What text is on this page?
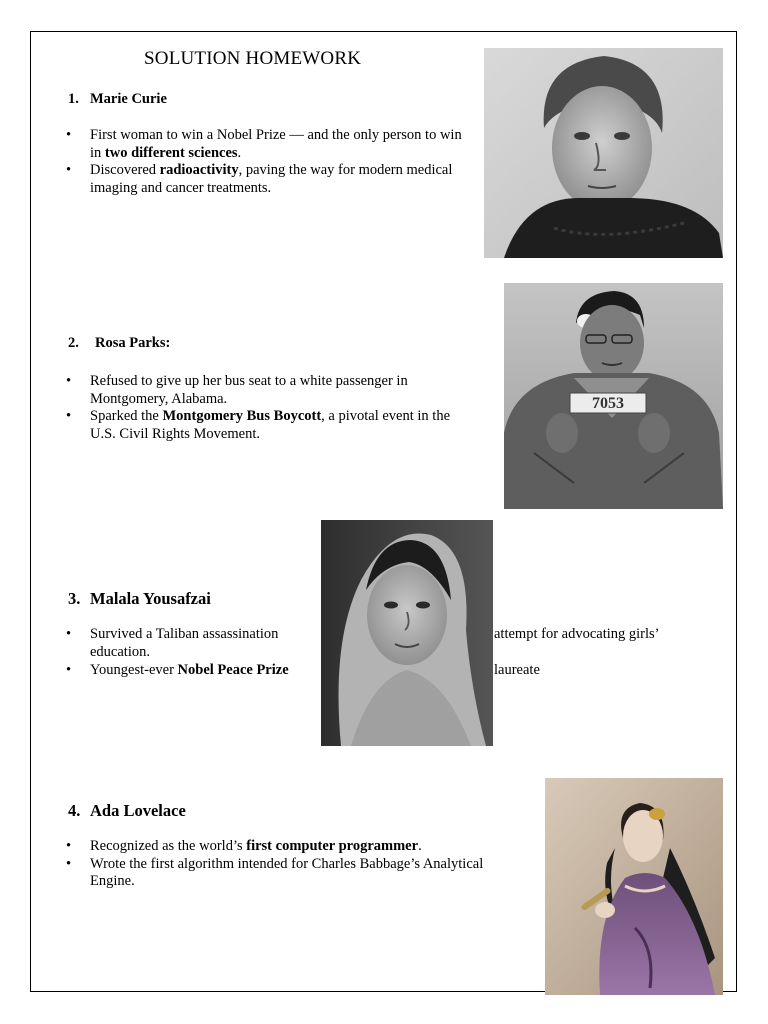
SOLUTION HOMEWORK
1. Marie Curie
•	First woman to win a Nobel Prize — and the only person to win in two different sciences.
•	Discovered radioactivity, paving the way for modern medical imaging and cancer treatments.
2. Rosa Parks:
•	Refused to give up her bus seat to a white passenger in Montgomery, Alabama.
•	Sparked the Montgomery Bus Boycott, a pivotal event in the U.S. Civil Rights Movement.
7053
3. Malala Yousafzai
•	Survived a Taliban assassination	attempt for advocating girls’
education.
•	Youngest-ever Nobel Peace Prize	laureate
4. Ada Lovelace
•	Recognized as the world’s first computer programmer.
•	Wrote the first algorithm intended for Charles Babbage’s Analytical Engine.
